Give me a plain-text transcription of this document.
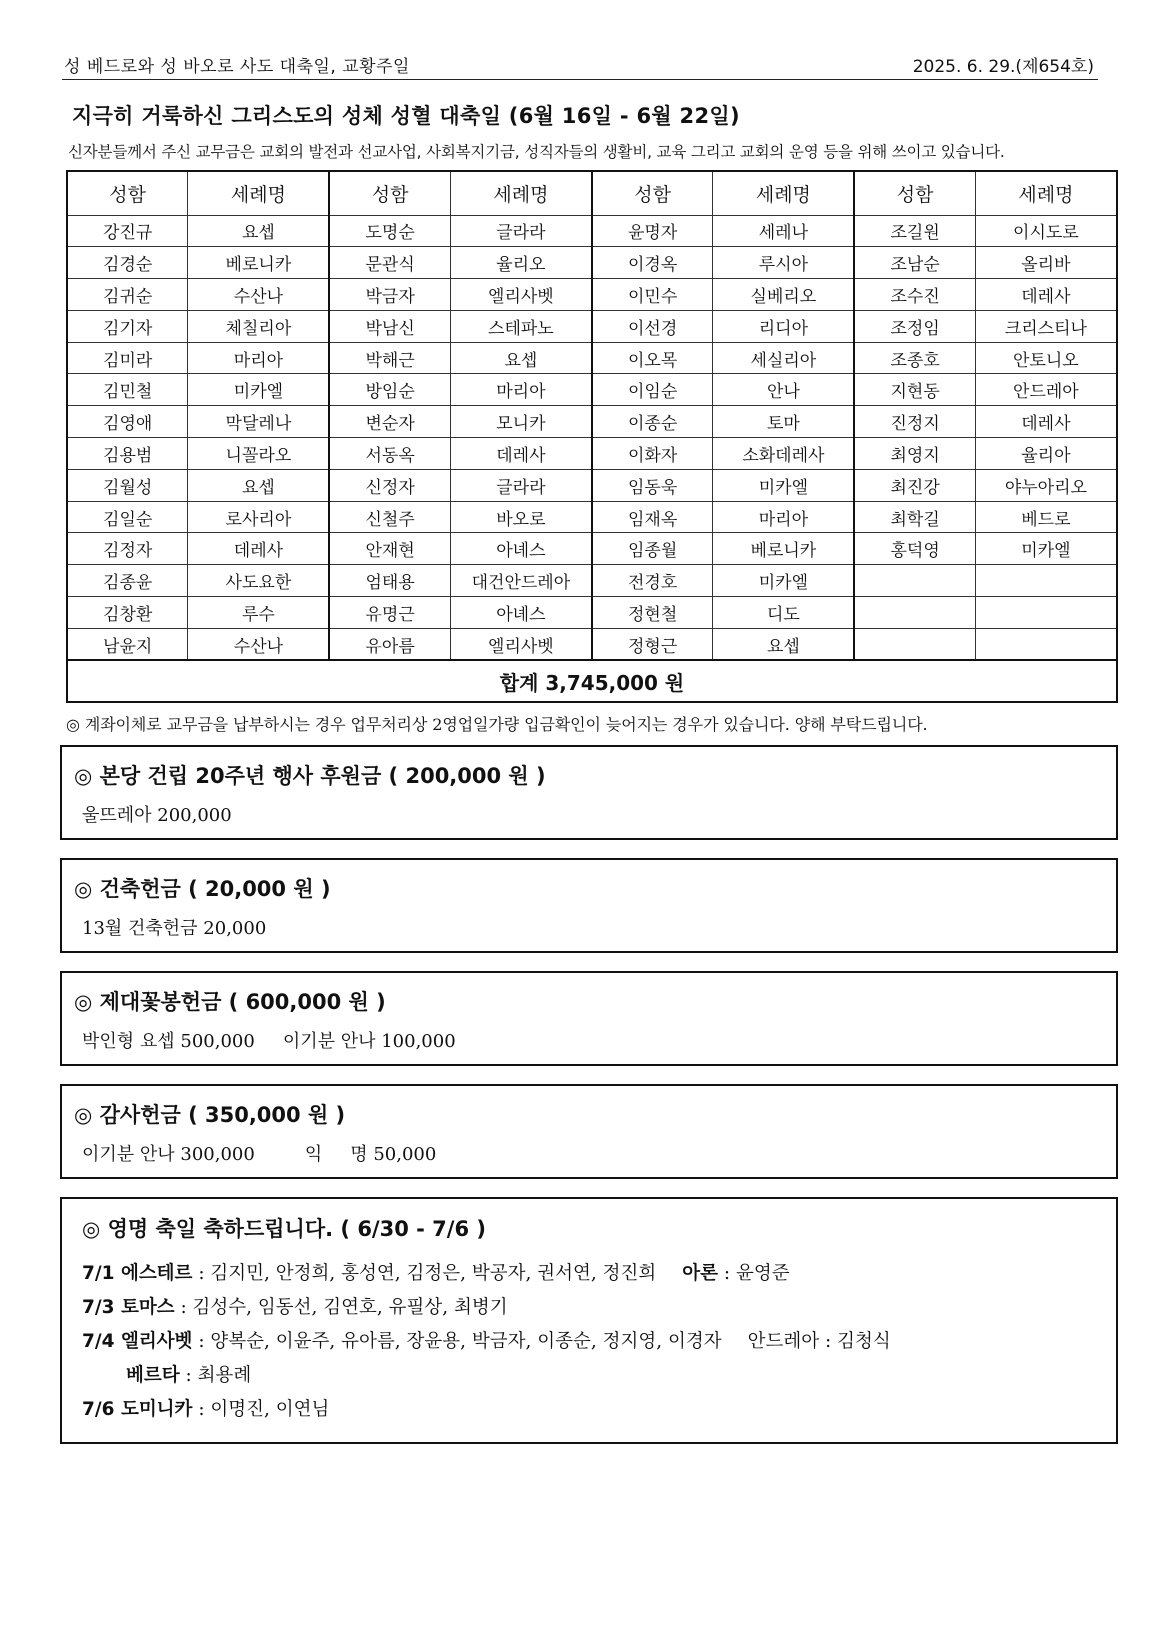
성 베드로와 성 바오로 사도 대축일, 교황주일	2025. 6. 29.(제654호)
지극히 거룩하신 그리스도의 성체 성혈 대축일 (6월 16일 - 6월 22일)
신자분들께서 주신 교무금은 교회의 발전과 선교사업, 사회복지기금, 성직자들의 생활비, 교육 그리고 교회의 운영 등을 위해 쓰이고 있습니다.
성함	세례명	성함	세례명	성함	세례명	성함	세례명
강진규	요셉	도명순	글라라	윤명자	세레나	조길원	이시도로
김경순	베로니카	문관식	율리오	이경옥	루시아	조남순	올리바
김귀순	수산나	박금자	엘리사벳	이민수	실베리오	조수진	데레사
김기자	체칠리아	박남신	스테파노	이선경	리디아	조정임	크리스티나
김미라	마리아	박해근	요셉	이오목	세실리아	조종호	안토니오
김민철	미카엘	방임순	마리아	이임순	안나	지현동	안드레아
김영애	막달레나	변순자	모니카	이종순	토마	진정지	데레사
김용범	니꼴라오	서동옥	데레사	이화자	소화데레사	최영지	율리아
김월성	요셉	신정자	글라라	임동욱	미카엘	최진강	야누아리오
김일순	로사리아	신철주	바오로	임재옥	마리아	최학길	베드로
김정자	데레사	안재현	아녜스	임종월	베로니카	홍덕영	미카엘
김종윤	사도요한	엄태용	대건안드레아	전경호	미카엘		
김창환	루수	유명근	아녜스	정현철	디도		
남윤지	수산나	유아름	엘리사벳	정형근	요셉		
합계 3,745,000 원							
◎ 계좌이체로 교무금을 납부하시는 경우 업무처리상 2영업일가량 입금확인이 늦어지는 경우가 있습니다. 양해 부탁드립니다.
◎ 본당 건립 20주년 행사 후원금 ( 200,000 원 )
울뜨레아 200,000
◎ 건축헌금 ( 20,000 원 )
13월 건축헌금 20,000
◎ 제대꽃봉헌금 ( 600,000 원 )
박인형 요셉 500,000 이기분 안나 100,000
◎ 감사헌금 ( 350,000 원 )
이기분 안나 300,000	익 명 50,000
◎ 영명 축일 축하드립니다. ( 6/30 - 7/6 )
7/1 에스테르 : 김지민, 안정희, 홍성연, 김정은, 박공자, 권서연, 정진희 아론 : 윤영준
7/3 토마스 : 김성수, 임동선, 김연호, 유필상, 최병기
7/4 엘리사벳 : 양복순, 이윤주, 유아름, 장윤용, 박금자, 이종순, 정지영, 이경자 안드레아 : 김청식
베르타 : 최용례
7/6 도미니카 : 이명진, 이연님
